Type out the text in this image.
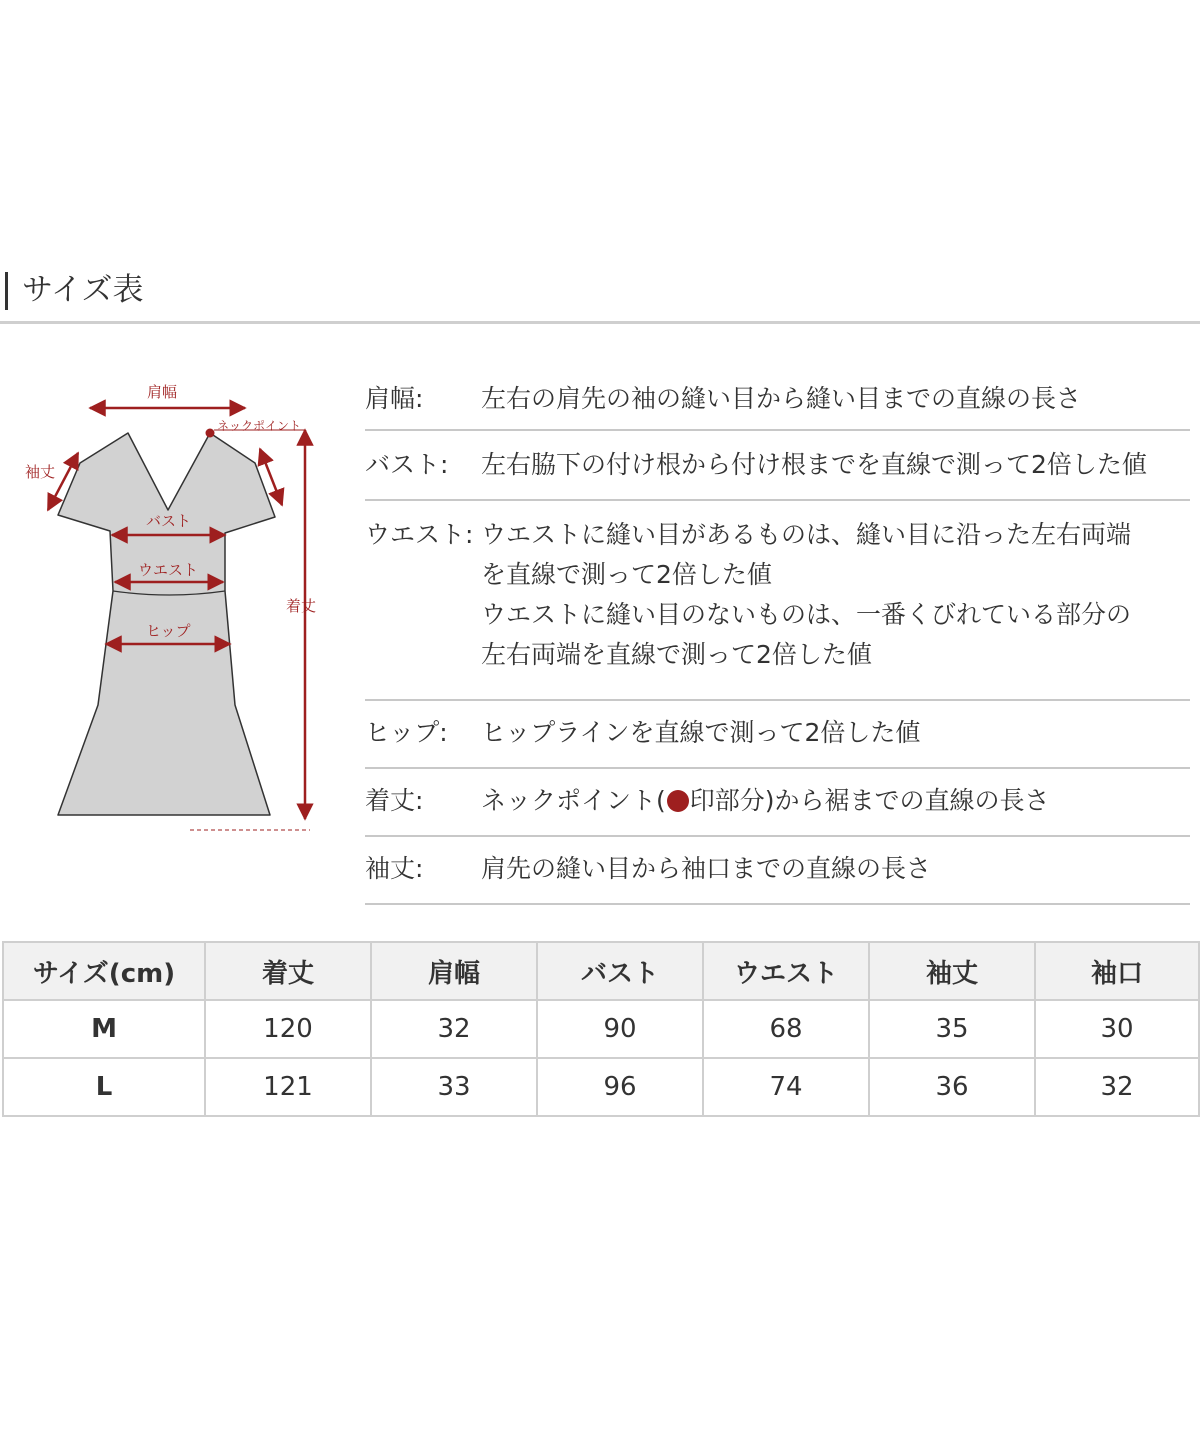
サイズ表
肩幅
ネックポイント
袖丈
バスト
ウエスト
ヒップ
着丈
肩幅: 左右の肩先の袖の縫い目から縫い目までの直線の長さ
バスト: 左右脇下の付け根から付け根までを直線で測って2倍した値
ウエスト: ウエストに縫い目があるものは、縫い目に沿った左右両端
を直線で測って2倍した値
ウエストに縫い目のないものは、一番くびれている部分の
左右両端を直線で測って2倍した値
ヒップ: ヒップラインを直線で測って2倍した値
着丈: ネックポイント( 印部分)から裾までの直線の長さ
袖丈: 肩先の縫い目から袖口までの直線の長さ
サイズ(cm)	着丈	肩幅	バスト	ウエスト	袖丈	袖口
M	120	32	90	68	35	30
L	121	33	96	74	36	32
